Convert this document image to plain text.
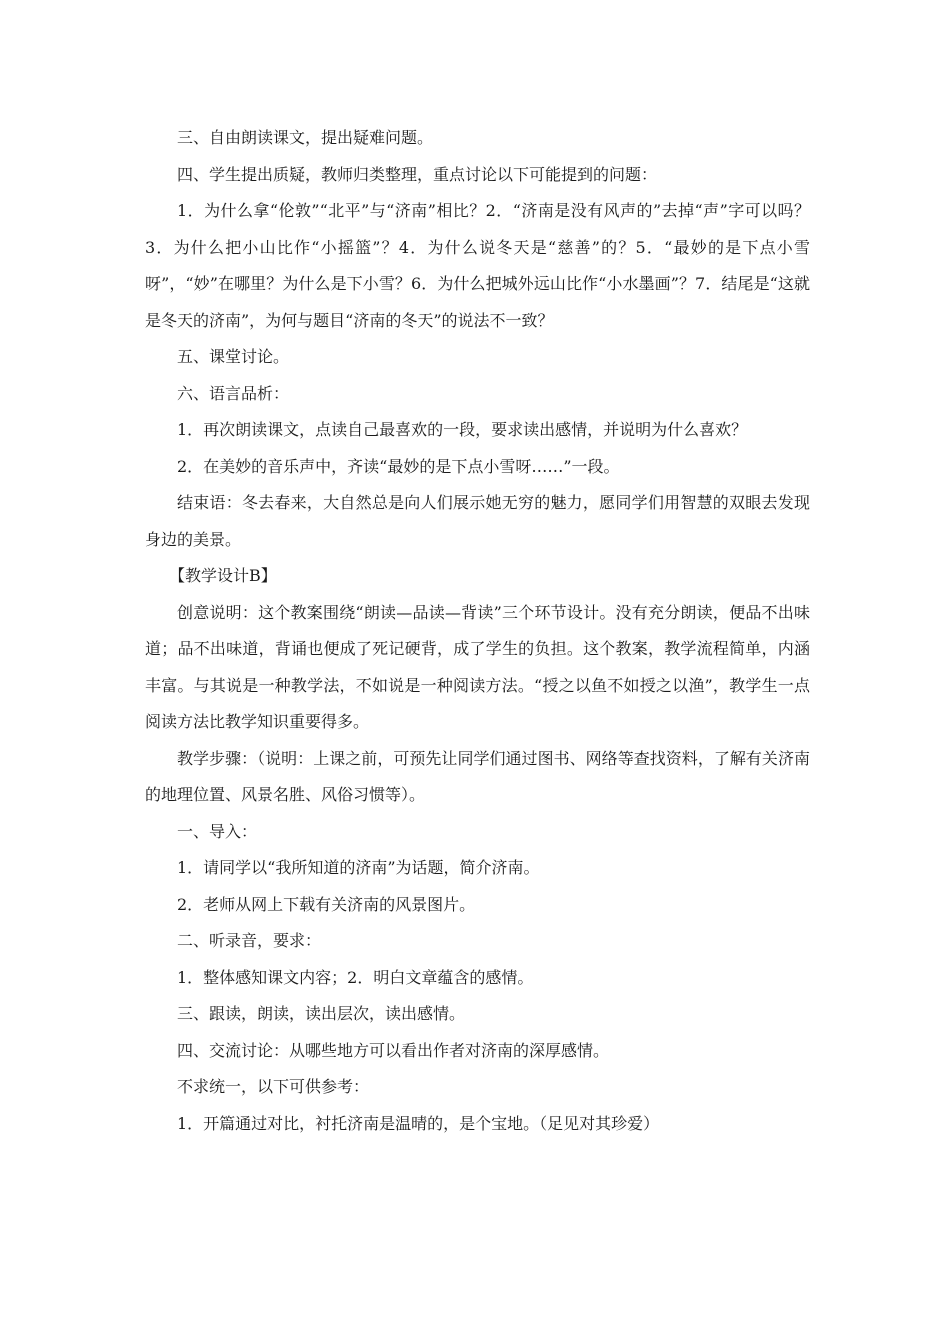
三、自由朗读课文，提出疑难问题。

四、学生提出质疑，教师归类整理，重点讨论以下可能提到的问题：

1．为什么拿“伦敦”“北平”与“济南”相比？2．“济南是没有风声的”去掉“声”字可以吗？3．为什么把小山比作“小摇篮”？4．为什么说冬天是“慈善”的？5．“最妙的是下点小雪呀”，“妙”在哪里？为什么是下小雪？6．为什么把城外远山比作“小水墨画”？7．结尾是“这就是冬天的济南”，为何与题目“济南的冬天”的说法不一致？

五、课堂讨论。

六、语言品析：

1．再次朗读课文，点读自己最喜欢的一段，要求读出感情，并说明为什么喜欢？

2．在美妙的音乐声中，齐读“最妙的是下点小雪呀……”一段。

结束语：冬去春来，大自然总是向人们展示她无穷的魅力，愿同学们用智慧的双眼去发现身边的美景。

【教学设计B】

创意说明：这个教案围绕“朗读—品读—背读”三个环节设计。没有充分朗读，便品不出味道；品不出味道，背诵也便成了死记硬背，成了学生的负担。这个教案，教学流程简单，内涵丰富。与其说是一种教学法，不如说是一种阅读方法。“授之以鱼不如授之以渔”，教学生一点阅读方法比教学知识重要得多。

教学步骤：（说明：上课之前，可预先让同学们通过图书、网络等查找资料，了解有关济南的地理位置、风景名胜、风俗习惯等）。

一、导入：

1．请同学以“我所知道的济南”为话题，简介济南。

2．老师从网上下载有关济南的风景图片。

二、听录音，要求：

1．整体感知课文内容；2．明白文章蕴含的感情。

三、跟读，朗读，读出层次，读出感情。

四、交流讨论：从哪些地方可以看出作者对济南的深厚感情。

不求统一，以下可供参考：

1．开篇通过对比，衬托济南是温晴的，是个宝地。（足见对其珍爱）
